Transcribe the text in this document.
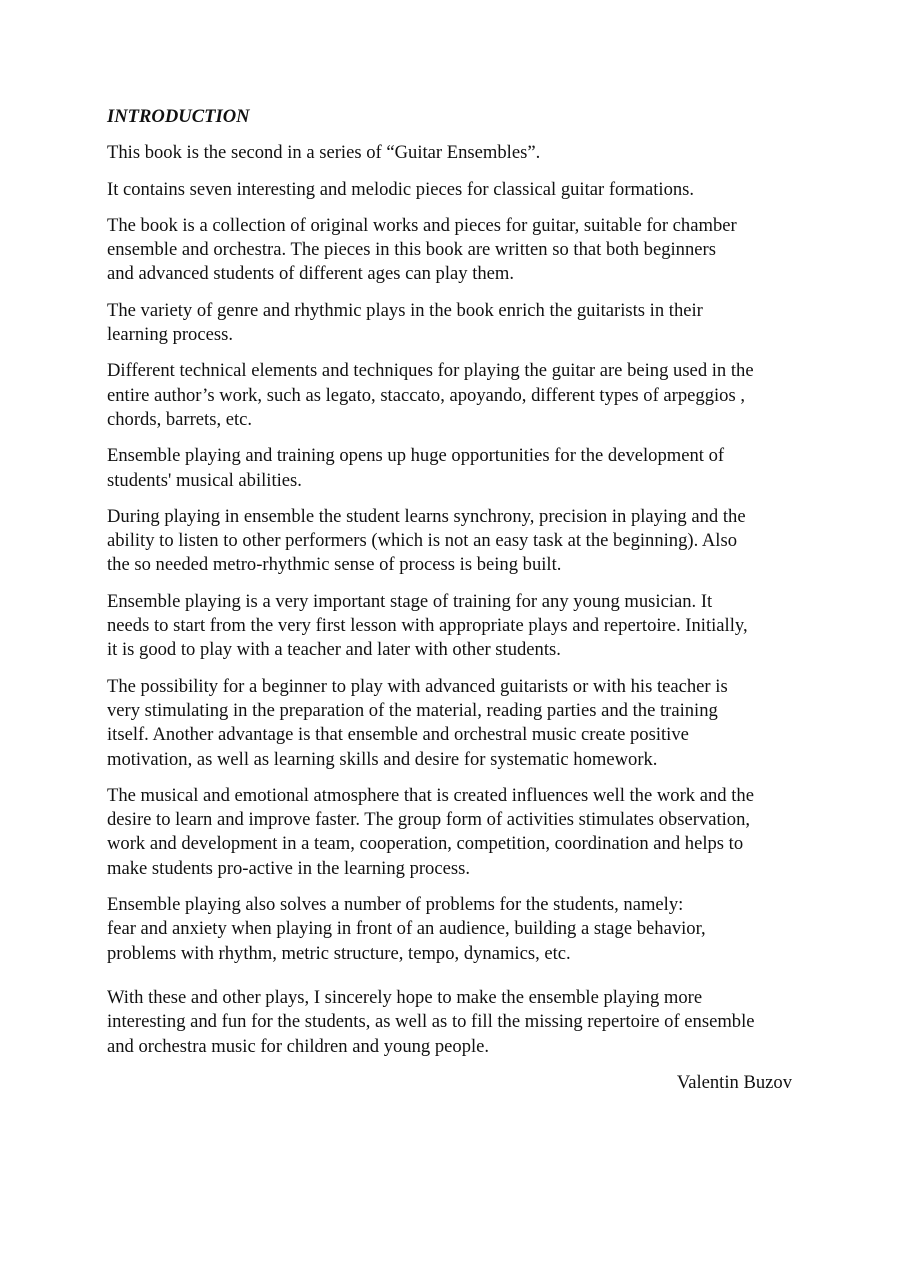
INTRODUCTION
This book is the second in a series of “Guitar Ensembles”.
It contains seven interesting and melodic pieces for classical guitar formations.
The book is a collection of original works and pieces for guitar, suitable for chamber
ensemble and orchestra. The pieces in this book are written so that both beginners
and advanced students of different ages can play them.
The variety of genre and rhythmic plays in the book enrich the guitarists in their
learning process.
Different technical elements and techniques for playing the guitar are being used in the
entire author’s work, such as legato, staccato, apoyando, different types of arpeggios ,
chords, barrets, etc.
Ensemble playing and training opens up huge opportunities for the development of
students' musical abilities.
During playing in ensemble the student learns synchrony, precision in playing and the
ability to listen to other performers (which is not an easy task at the beginning). Also
the so needed metro-rhythmic sense of process is being built.
Ensemble playing is a very important stage of training for any young musician. It
needs to start from the very first lesson with appropriate plays and repertoire. Initially,
it is good to play with a teacher and later with other students.
The possibility for a beginner to play with advanced guitarists or with his teacher is
very stimulating in the preparation of the material, reading parties and the training
itself. Another advantage is that ensemble and orchestral music create positive
motivation, as well as learning skills and desire for systematic homework.
The musical and emotional atmosphere that is created influences well the work and the
desire to learn and improve faster. The group form of activities stimulates observation,
work and development in a team, cooperation, competition, coordination and helps to
make students pro-active in the learning process.
Ensemble playing also solves a number of problems for the students, namely:
fear and anxiety when playing in front of an audience, building a stage behavior,
problems with rhythm, metric structure, tempo, dynamics, etc.
With these and other plays, I sincerely hope to make the ensemble playing more
interesting and fun for the students, as well as to fill the missing repertoire of ensemble
and orchestra music for children and young people.
Valentin Buzov
